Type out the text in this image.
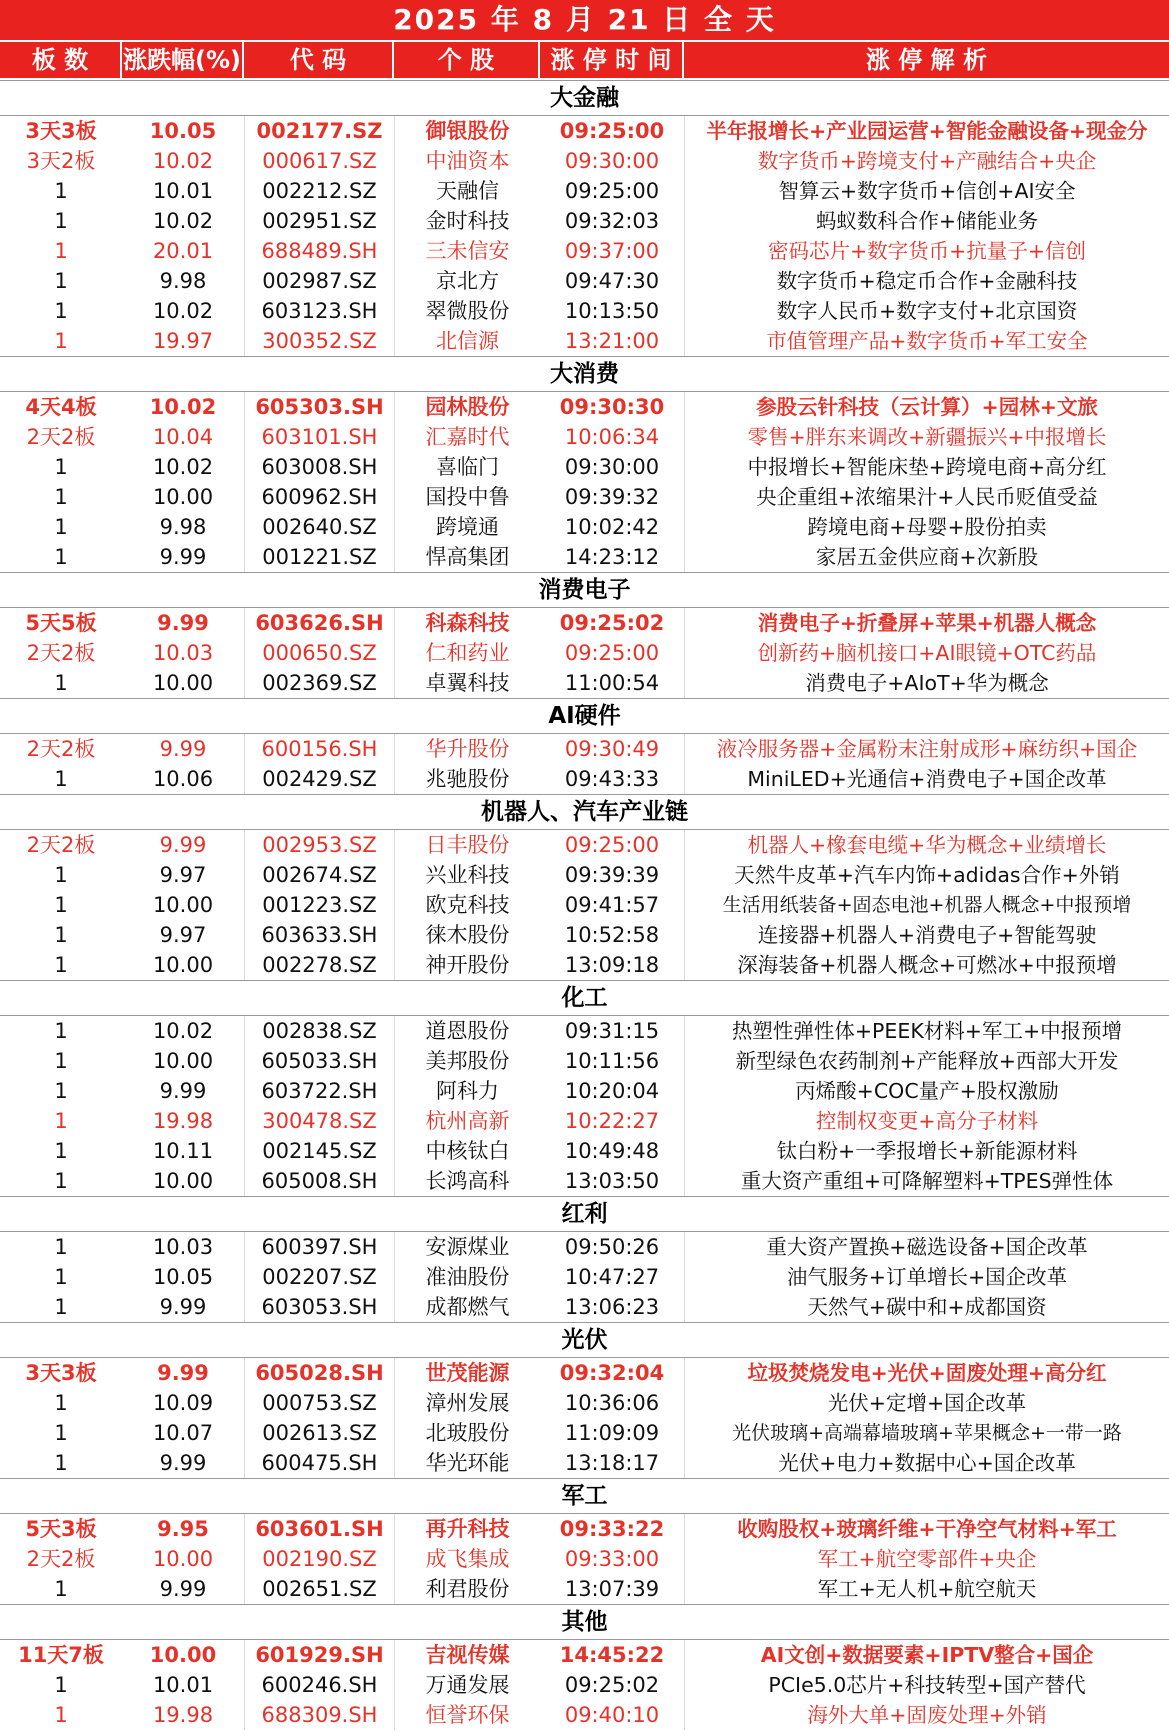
2025 年 8 月 21 日 全 天
板 数	涨跌幅(%)	代 码	个 股	涨 停 时 间	涨 停 解 析
大金融
3天3板	10.05	002177.SZ	御银股份	09:25:00	半年报增长+产业园运营+智能金融设备+现金分
3天2板	10.02	000617.SZ	中油资本	09:30:00	数字货币+跨境支付+产融结合+央企
1	10.01	002212.SZ	天融信	09:25:00	智算云+数字货币+信创+AI安全
1	10.02	002951.SZ	金时科技	09:32:03	蚂蚁数科合作+储能业务
1	20.01	688489.SH	三未信安	09:37:00	密码芯片+数字货币+抗量子+信创
1	9.98	002987.SZ	京北方	09:47:30	数字货币+稳定币合作+金融科技
1	10.02	603123.SH	翠微股份	10:13:50	数字人民币+数字支付+北京国资
1	19.97	300352.SZ	北信源	13:21:00	市值管理产品+数字货币+军工安全
大消费
4天4板	10.02	605303.SH	园林股份	09:30:30	参股云针科技（云计算）+园林+文旅
2天2板	10.04	603101.SH	汇嘉时代	10:06:34	零售+胖东来调改+新疆振兴+中报增长
1	10.02	603008.SH	喜临门	09:30:00	中报增长+智能床垫+跨境电商+高分红
1	10.00	600962.SH	国投中鲁	09:39:32	央企重组+浓缩果汁+人民币贬值受益
1	9.98	002640.SZ	跨境通	10:02:42	跨境电商+母婴+股份拍卖
1	9.99	001221.SZ	悍高集团	14:23:12	家居五金供应商+次新股
消费电子
5天5板	9.99	603626.SH	科森科技	09:25:02	消费电子+折叠屏+苹果+机器人概念
2天2板	10.03	000650.SZ	仁和药业	09:25:00	创新药+脑机接口+AI眼镜+OTC药品
1	10.00	002369.SZ	卓翼科技	11:00:54	消费电子+AIoT+华为概念
AI硬件
2天2板	9.99	600156.SH	华升股份	09:30:49	液冷服务器+金属粉末注射成形+麻纺织+国企
1	10.06	002429.SZ	兆驰股份	09:43:33	MiniLED+光通信+消费电子+国企改革
机器人、汽车产业链
2天2板	9.99	002953.SZ	日丰股份	09:25:00	机器人+橡套电缆+华为概念+业绩增长
1	9.97	002674.SZ	兴业科技	09:39:39	天然牛皮革+汽车内饰+adidas合作+外销
1	10.00	001223.SZ	欧克科技	09:41:57	生活用纸装备+固态电池+机器人概念+中报预增
1	9.97	603633.SH	徕木股份	10:52:58	连接器+机器人+消费电子+智能驾驶
1	10.00	002278.SZ	神开股份	13:09:18	深海装备+机器人概念+可燃冰+中报预增
化工
1	10.02	002838.SZ	道恩股份	09:31:15	热塑性弹性体+PEEK材料+军工+中报预增
1	10.00	605033.SH	美邦股份	10:11:56	新型绿色农药制剂+产能释放+西部大开发
1	9.99	603722.SH	阿科力	10:20:04	丙烯酸+COC量产+股权激励
1	19.98	300478.SZ	杭州高新	10:22:27	控制权变更+高分子材料
1	10.11	002145.SZ	中核钛白	10:49:48	钛白粉+一季报增长+新能源材料
1	10.00	605008.SH	长鸿高科	13:03:50	重大资产重组+可降解塑料+TPES弹性体
红利
1	10.03	600397.SH	安源煤业	09:50:26	重大资产置换+磁选设备+国企改革
1	10.05	002207.SZ	准油股份	10:47:27	油气服务+订单增长+国企改革
1	9.99	603053.SH	成都燃气	13:06:23	天然气+碳中和+成都国资
光伏
3天3板	9.99	605028.SH	世茂能源	09:32:04	垃圾焚烧发电+光伏+固废处理+高分红
1	10.09	000753.SZ	漳州发展	10:36:06	光伏+定增+国企改革
1	10.07	002613.SZ	北玻股份	11:09:09	光伏玻璃+高端幕墙玻璃+苹果概念+一带一路
1	9.99	600475.SH	华光环能	13:18:17	光伏+电力+数据中心+国企改革
军工
5天3板	9.95	603601.SH	再升科技	09:33:22	收购股权+玻璃纤维+干净空气材料+军工
2天2板	10.00	002190.SZ	成飞集成	09:33:00	军工+航空零部件+央企
1	9.99	002651.SZ	利君股份	13:07:39	军工+无人机+航空航天
其他
11天7板	10.00	601929.SH	吉视传媒	14:45:22	AI文创+数据要素+IPTV整合+国企
1	10.01	600246.SH	万通发展	09:25:02	PCIe5.0芯片+科技转型+国产替代
1	19.98	688309.SH	恒誉环保	09:40:10	海外大单+固废处理+外销
